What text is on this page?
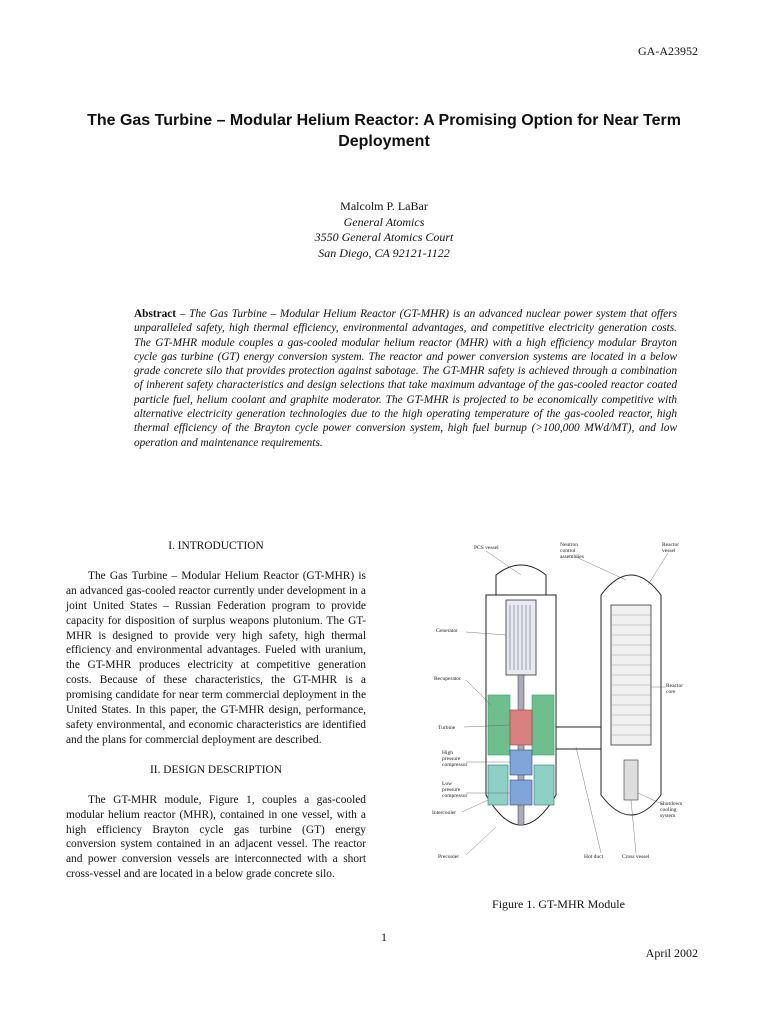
GA-A23952
The Gas Turbine – Modular Helium Reactor: A Promising Option for Near Term Deployment
Malcolm P. LaBar
General Atomics
3550 General Atomics Court
San Diego, CA 92121-1122
Abstract – The Gas Turbine – Modular Helium Reactor (GT-MHR) is an advanced nuclear power system that offers unparalleled safety, high thermal efficiency, environmental advantages, and competitive electricity generation costs. The GT-MHR module couples a gas-cooled modular helium reactor (MHR) with a high efficiency modular Brayton cycle gas turbine (GT) energy conversion system. The reactor and power conversion systems are located in a below grade concrete silo that provides protection against sabotage. The GT-MHR safety is achieved through a combination of inherent safety characteristics and design selections that take maximum advantage of the gas-cooled reactor coated particle fuel, helium coolant and graphite moderator. The GT-MHR is projected to be economically competitive with alternative electricity generation technologies due to the high operating temperature of the gas-cooled reactor, high thermal efficiency of the Brayton cycle power conversion system, high fuel burnup (>100,000 MWd/MT), and low operation and maintenance requirements.
I. INTRODUCTION

The Gas Turbine – Modular Helium Reactor (GT-MHR) is an advanced gas-cooled reactor currently under development in a joint United States – Russian Federation program to provide capacity for disposition of surplus weapons plutonium. The GT-MHR is designed to provide very high safety, high thermal efficiency and environmental advantages. Fueled with uranium, the GT-MHR produces electricity at competitive generation costs. Because of these characteristics, the GT-MHR is a promising candidate for near term commercial deployment in the United States. In this paper, the GT-MHR design, performance, safety environmental, and economic characteristics are identified and the plans for commercial deployment are described.

II. DESIGN DESCRIPTION

The GT-MHR module, Figure 1, couples a gas-cooled modular helium reactor (MHR), contained in one vessel, with a high efficiency Brayton cycle gas turbine (GT) energy conversion system contained in an adjacent vessel. The reactor and power conversion vessels are interconnected with a short cross-vessel and are located in a below grade concrete silo.

PCS vessel	Neutron
control
assemblies
Reactor
vessel
Generator
Recuperator
Reactor
core
Turbine
High
pressure
compressor
Low
pressure
compressor
Intercooler
Shutdown
cooling
system
Precooler	Hot duct	Cross vessel
Figure 1. GT-MHR Module
1
April 2002
